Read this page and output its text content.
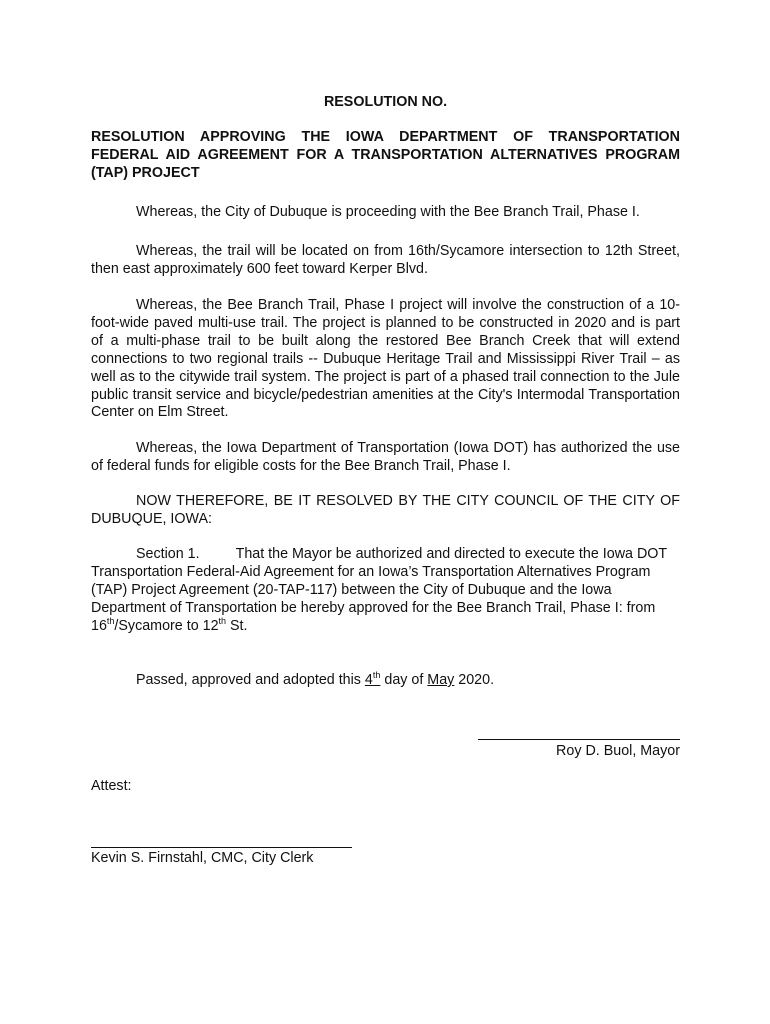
RESOLUTION NO.

RESOLUTION APPROVING THE IOWA DEPARTMENT OF TRANSPORTATION FEDERAL AID AGREEMENT FOR A TRANSPORTATION ALTERNATIVES PROGRAM (TAP) PROJECT

Whereas, the City of Dubuque is proceeding with the Bee Branch Trail, Phase I.

Whereas, the trail will be located on from 16th/Sycamore intersection to 12th Street, then east approximately 600 feet toward Kerper Blvd.

Whereas, the Bee Branch Trail, Phase I project will involve the construction of a 10-foot-wide paved multi-use trail. The project is planned to be constructed in 2020 and is part of a multi-phase trail to be built along the restored Bee Branch Creek that will extend connections to two regional trails -- Dubuque Heritage Trail and Mississippi River Trail – as well as to the citywide trail system. The project is part of a phased trail connection to the Jule public transit service and bicycle/pedestrian amenities at the City's Intermodal Transportation Center on Elm Street.

Whereas, the Iowa Department of Transportation (Iowa DOT) has authorized the use of federal funds for eligible costs for the Bee Branch Trail, Phase I.

NOW THEREFORE, BE IT RESOLVED BY THE CITY COUNCIL OF THE CITY OF DUBUQUE, IOWA:

Section 1.	That the Mayor be authorized and directed to execute the Iowa DOT Transportation Federal-Aid Agreement for an Iowa’s Transportation Alternatives Program (TAP) Project Agreement (20-TAP-117) between the City of Dubuque and the Iowa Department of Transportation be hereby approved for the Bee Branch Trail, Phase I: from 16th/Sycamore to 12th St.

Passed, approved and adopted this 4th day of May 2020.

Roy D. Buol, Mayor

Attest:

Kevin S. Firnstahl, CMC, City Clerk
